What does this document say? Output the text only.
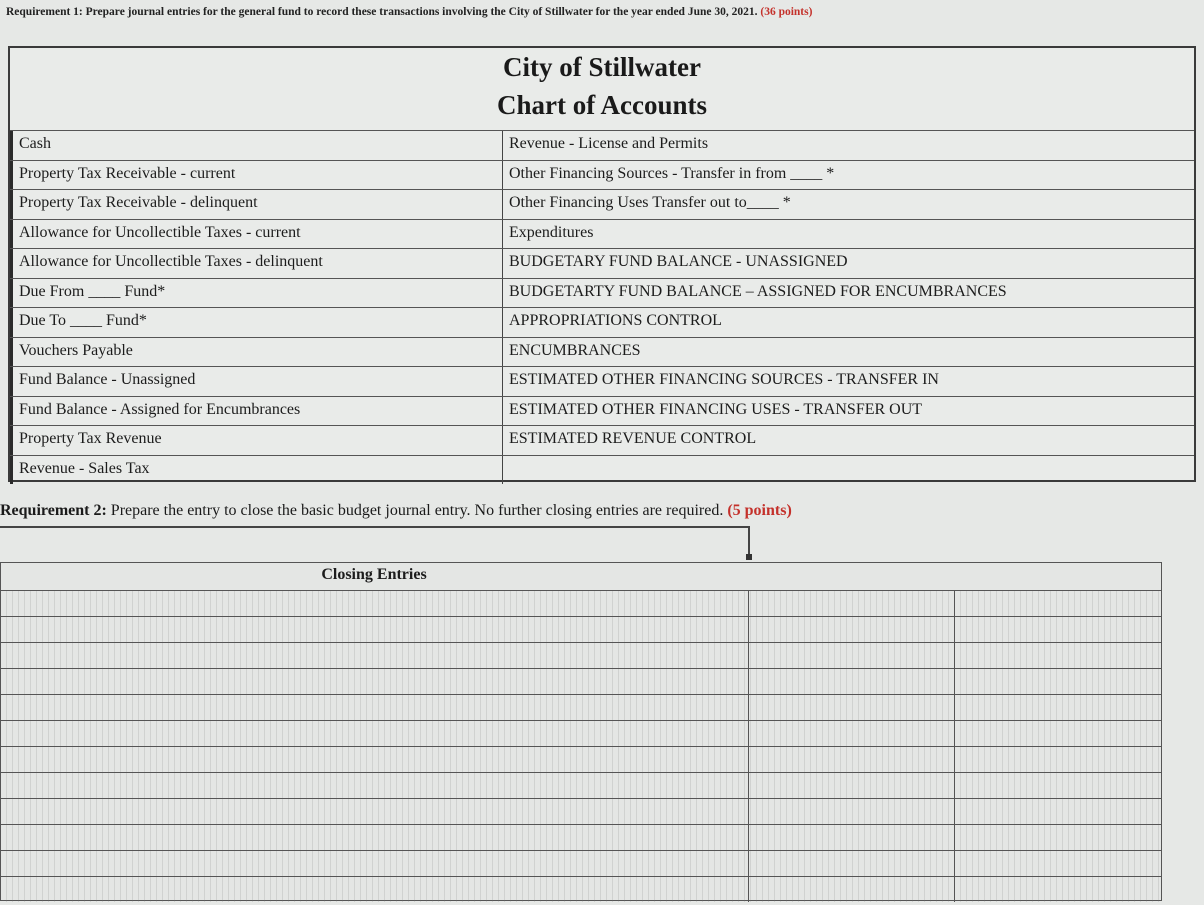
Requirement 1: Prepare journal entries for the general fund to record these transactions involving the City of Stillwater for the year ended June 30, 2021. (36 points)
City of Stillwater
Chart of Accounts
Cash	Revenue - License and Permits
Property Tax Receivable - current	Other Financing Sources - Transfer in from ____ *
Property Tax Receivable - delinquent	Other Financing Uses Transfer out to____ *
Allowance for Uncollectible Taxes - current	Expenditures
Allowance for Uncollectible Taxes - delinquent	BUDGETARY FUND BALANCE - UNASSIGNED
Due From ____ Fund*	BUDGETARTY FUND BALANCE – ASSIGNED FOR ENCUMBRANCES
Due To ____ Fund*	APPROPRIATIONS CONTROL
Vouchers Payable	ENCUMBRANCES
Fund Balance - Unassigned	ESTIMATED OTHER FINANCING SOURCES - TRANSFER IN
Fund Balance - Assigned for Encumbrances	ESTIMATED OTHER FINANCING USES - TRANSFER OUT
Property Tax Revenue	ESTIMATED REVENUE CONTROL
Revenue - Sales Tax
Requirement 2: Prepare the entry to close the basic budget journal entry. No further closing entries are required. (5 points)
Closing Entries
